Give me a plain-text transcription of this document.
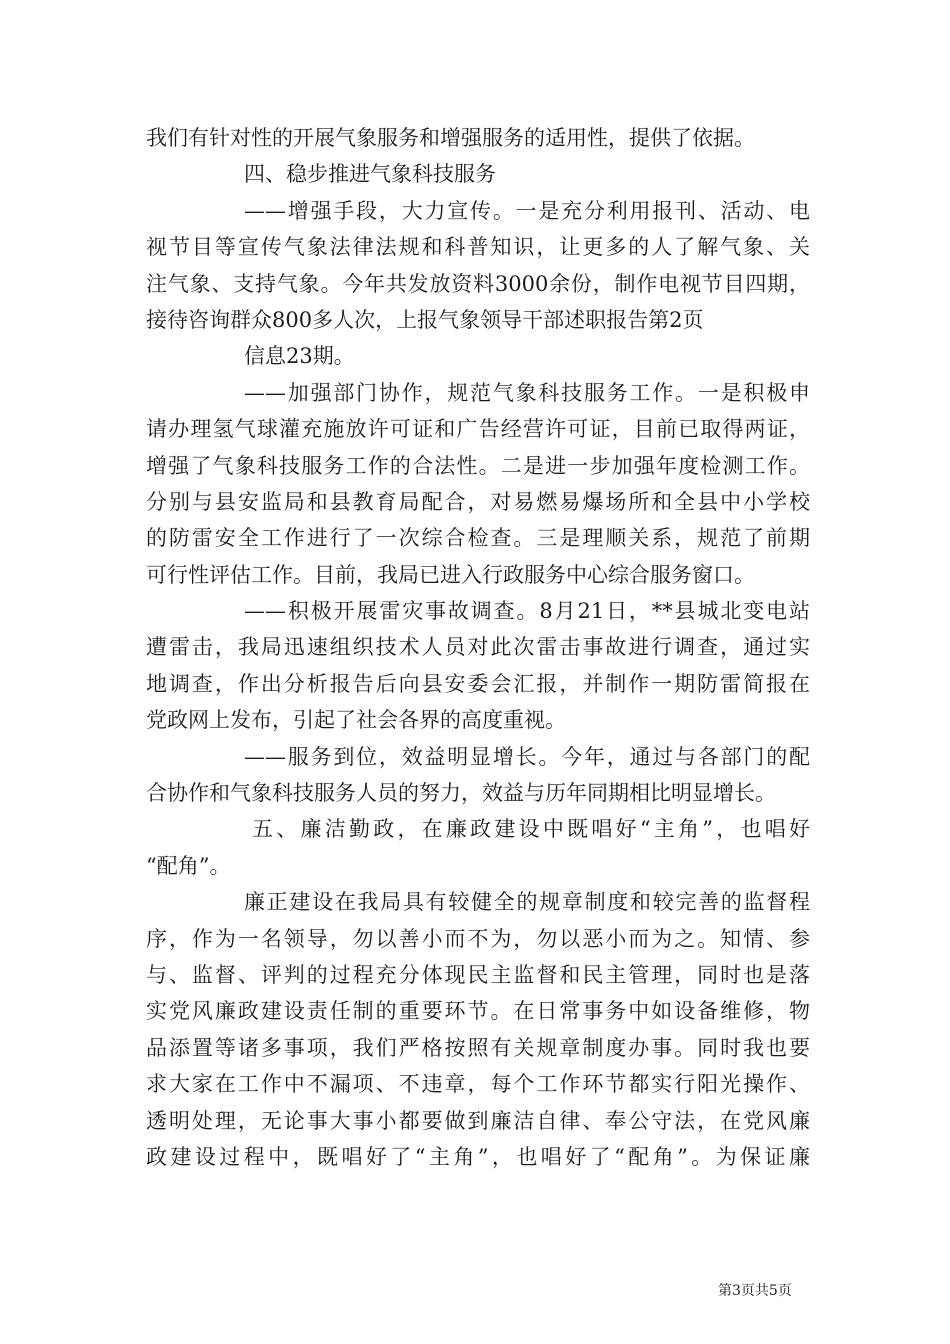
我们有针对性的开展气象服务和增强服务的适用性，提供了依据。
四、稳步推进气象科技服务
——增强手段，大力宣传。一是充分利用报刊、活动、电
视节目等宣传气象法律法规和科普知识，让更多的人了解气象、关
注气象、支持气象。今年共发放资料3000余份，制作电视节目四期，
接待咨询群众800多人次，上报气象领导干部述职报告第2页
信息23期。
——加强部门协作，规范气象科技服务工作。一是积极申
请办理氢气球灌充施放许可证和广告经营许可证，目前已取得两证，
增强了气象科技服务工作的合法性。二是进一步加强年度检测工作。
分别与县安监局和县教育局配合，对易燃易爆场所和全县中小学校
的防雷安全工作进行了一次综合检查。三是理顺关系，规范了前期
可行性评估工作。目前，我局已进入行政服务中心综合服务窗口。
——积极开展雷灾事故调查。8月21日，**县城北变电站
遭雷击，我局迅速组织技术人员对此次雷击事故进行调查，通过实
地调查，作出分析报告后向县安委会汇报，并制作一期防雷简报在
党政网上发布，引起了社会各界的高度重视。
——服务到位，效益明显增长。今年，通过与各部门的配
合协作和气象科技服务人员的努力，效益与历年同期相比明显增长。
五、廉洁勤政，在廉政建设中既唱好“主角”，也唱好
“配角”。
廉正建设在我局具有较健全的规章制度和较完善的监督程
序，作为一名领导，勿以善小而不为，勿以恶小而为之。知情、参
与、监督、评判的过程充分体现民主监督和民主管理，同时也是落
实党风廉政建设责任制的重要环节。在日常事务中如设备维修，物
品添置等诸多事项，我们严格按照有关规章制度办事。同时我也要
求大家在工作中不漏项、不违章，每个工作环节都实行阳光操作、
透明处理，无论事大事小都要做到廉洁自律、奉公守法，在党风廉
政建设过程中，既唱好了“主角”，也唱好了“配角”。为保证廉
第3页共5页
